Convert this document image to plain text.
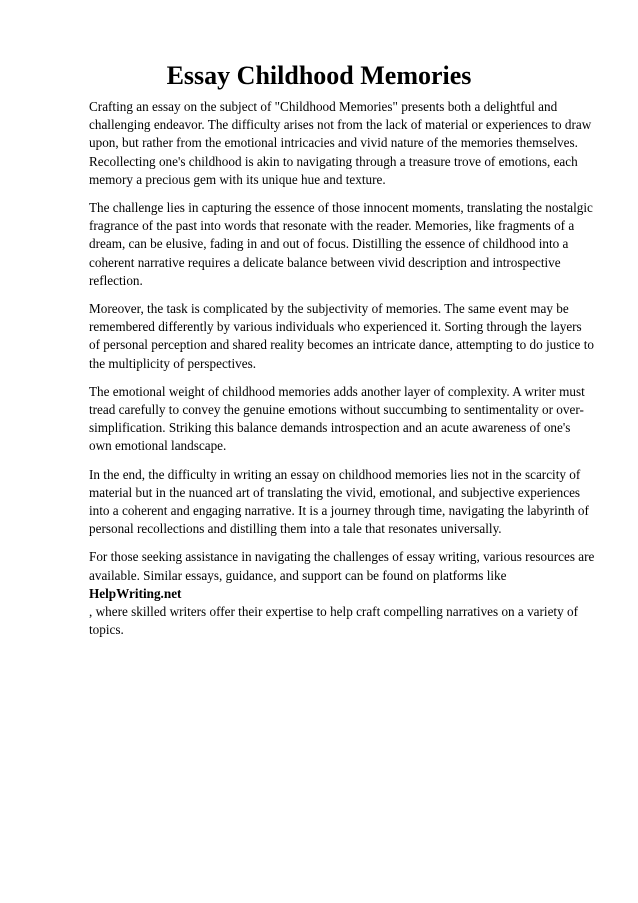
Essay Childhood Memories

Crafting an essay on the subject of "Childhood Memories" presents both a delightful and challenging endeavor. The difficulty arises not from the lack of material or experiences to draw upon, but rather from the emotional intricacies and vivid nature of the memories themselves. Recollecting one's childhood is akin to navigating through a treasure trove of emotions, each memory a precious gem with its unique hue and texture.

The challenge lies in capturing the essence of those innocent moments, translating the nostalgic fragrance of the past into words that resonate with the reader. Memories, like fragments of a dream, can be elusive, fading in and out of focus. Distilling the essence of childhood into a coherent narrative requires a delicate balance between vivid description and introspective reflection.

Moreover, the task is complicated by the subjectivity of memories. The same event may be remembered differently by various individuals who experienced it. Sorting through the layers of personal perception and shared reality becomes an intricate dance, attempting to do justice to the multiplicity of perspectives.

The emotional weight of childhood memories adds another layer of complexity. A writer must tread carefully to convey the genuine emotions without succumbing to sentimentality or over-simplification. Striking this balance demands introspection and an acute awareness of one's own emotional landscape.

In the end, the difficulty in writing an essay on childhood memories lies not in the scarcity of material but in the nuanced art of translating the vivid, emotional, and subjective experiences into a coherent and engaging narrative. It is a journey through time, navigating the labyrinth of personal recollections and distilling them into a tale that resonates universally.

For those seeking assistance in navigating the challenges of essay writing, various resources are available. Similar essays, guidance, and support can be found on platforms like HelpWriting.net
, where skilled writers offer their expertise to help craft compelling narratives on a variety of topics.
